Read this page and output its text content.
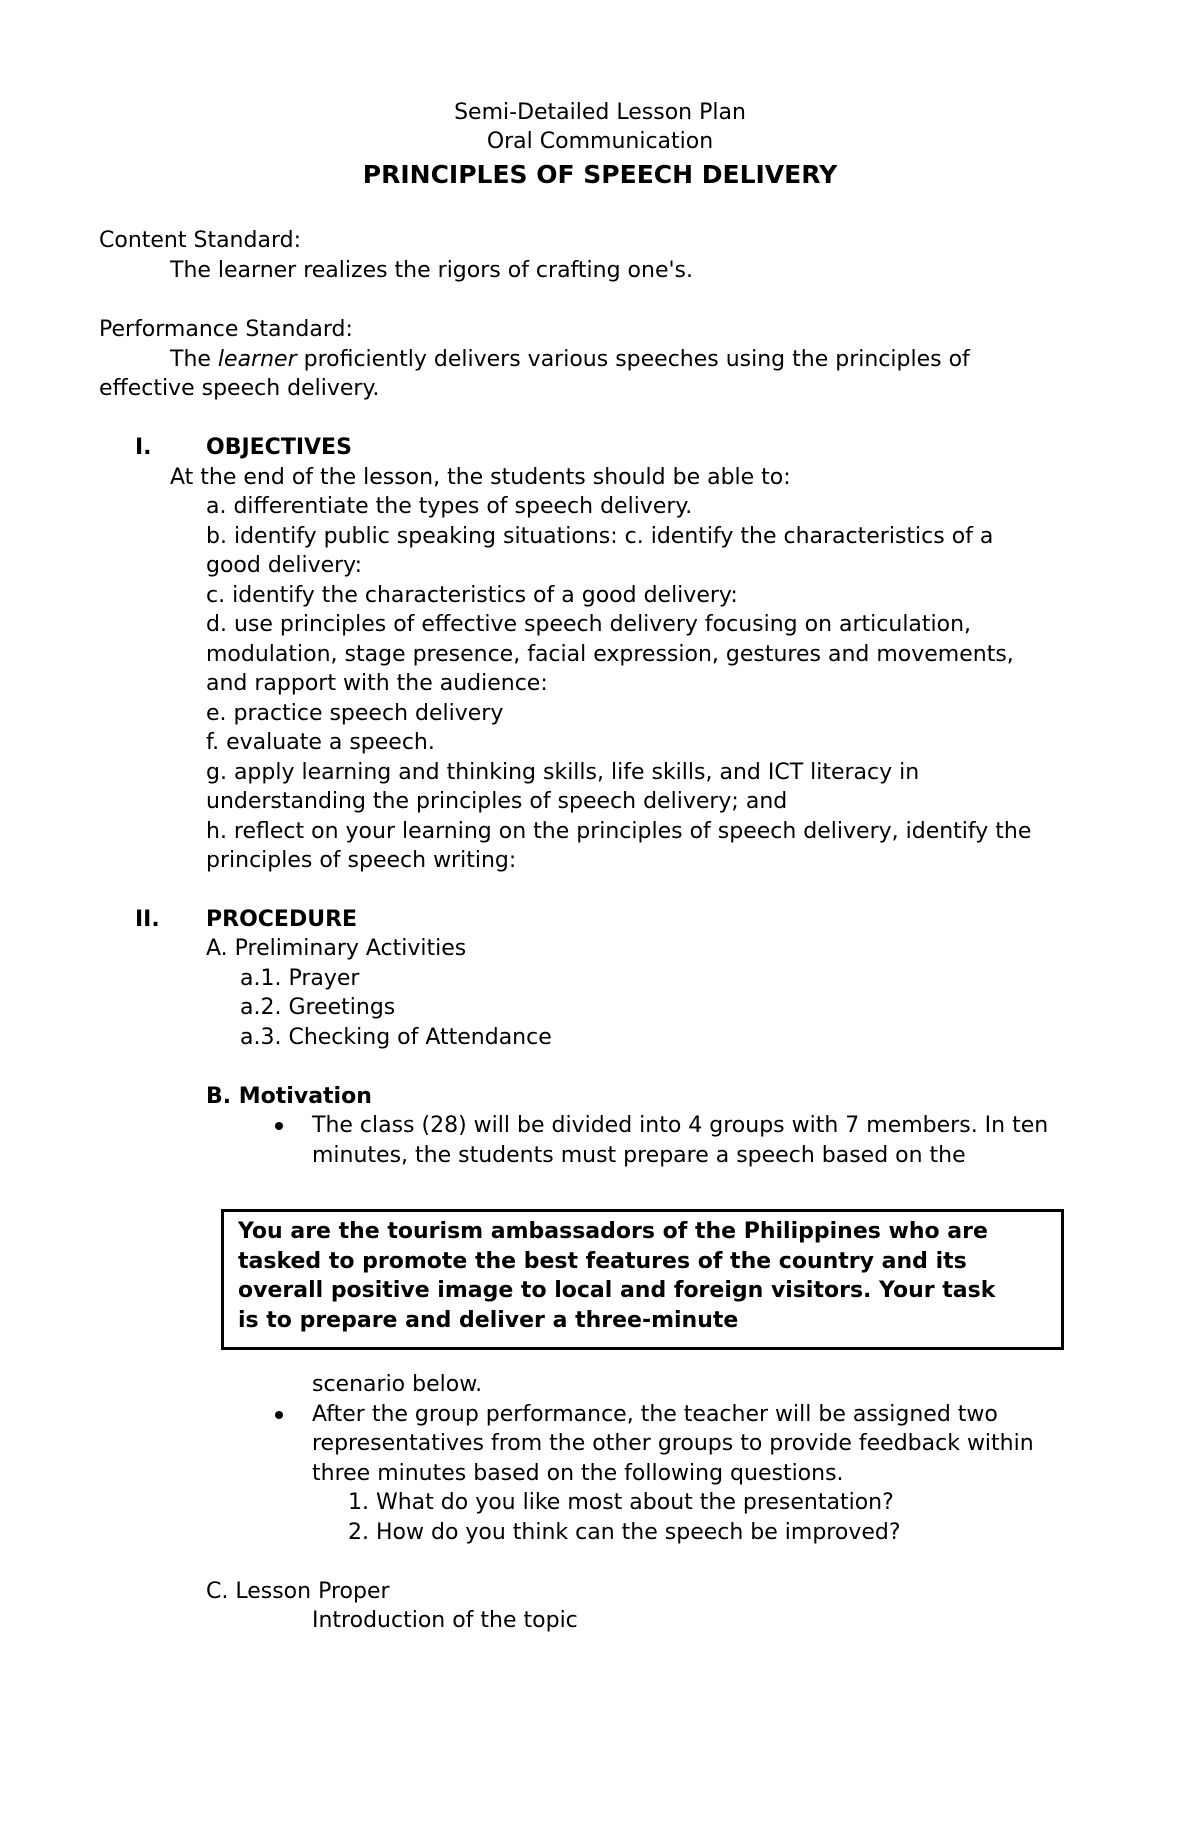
Semi-Detailed Lesson Plan
Oral Communication
PRINCIPLES OF SPEECH DELIVERY
Content Standard:
The learner realizes the rigors of crafting one's.
Performance Standard:
The learner proficiently delivers various speeches using the principles of
effective speech delivery.
I. OBJECTIVES
At the end of the lesson, the students should be able to:
a. differentiate the types of speech delivery.
b. identify public speaking situations: c. identify the characteristics of a
good delivery:
c. identify the characteristics of a good delivery:
d. use principles of effective speech delivery focusing on articulation,
modulation, stage presence, facial expression, gestures and movements,
and rapport with the audience:
e. practice speech delivery
f. evaluate a speech.
g. apply learning and thinking skills, life skills, and ICT literacy in
understanding the principles of speech delivery; and
h. reflect on your learning on the principles of speech delivery, identify the
principles of speech writing:
II. PROCEDURE
A. Preliminary Activities
a.1. Prayer
a.2. Greetings
a.3. Checking of Attendance
B. Motivation
The class (28) will be divided into 4 groups with 7 members. In ten
minutes, the students must prepare a speech based on the
You are the tourism ambassadors of the Philippines who are
tasked to promote the best features of the country and its
overall positive image to local and foreign visitors. Your task
is to prepare and deliver a three-minute
scenario below.
After the group performance, the teacher will be assigned two
representatives from the other groups to provide feedback within
three minutes based on the following questions.
1. What do you like most about the presentation?
2. How do you think can the speech be improved?
C. Lesson Proper
Introduction of the topic
